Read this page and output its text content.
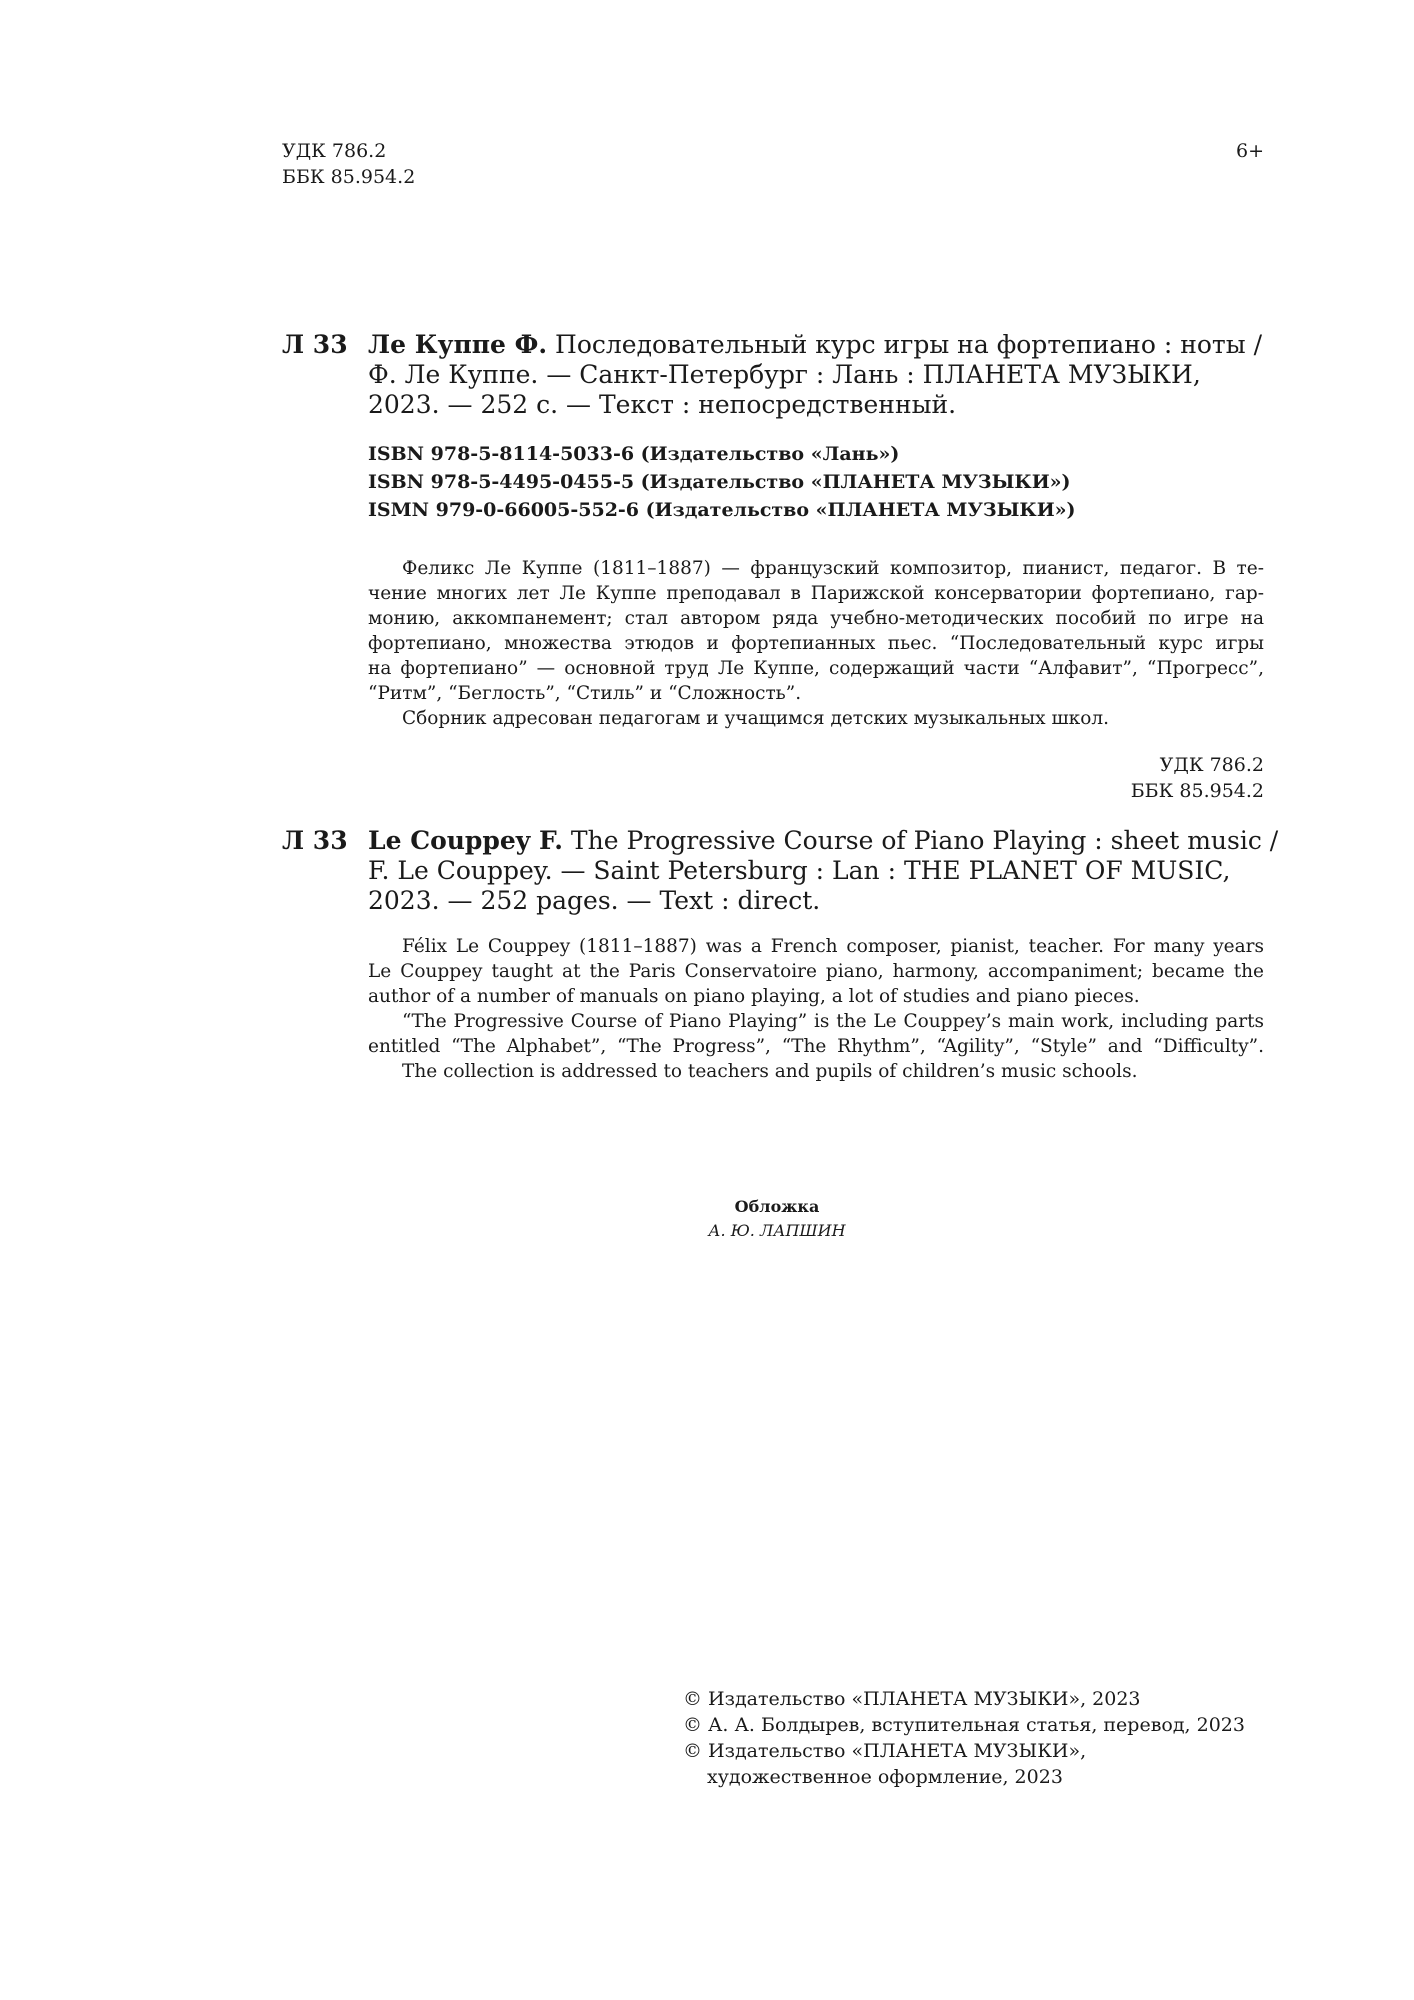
УДК 786.2
ББК 85.954.2
6+
Л 33 Ле Куппе Ф. Последовательный курс игры на фортепиано : ноты /
Ф. Ле Куппе. — Санкт-Петербург : Лань : ПЛАНЕТА МУЗЫКИ,
2023. — 252 с. — Текст : непосредственный.
ISBN 978-5-8114-5033-6 (Издательство «Лань»)
ISBN 978-5-4495-0455-5 (Издательство «ПЛАНЕТА МУЗЫКИ»)
ISMN 979-0-66005-552-6 (Издательство «ПЛАНЕТА МУЗЫКИ»)
Феликс Ле Куппе (1811–1887) — французский композитор, пианист, педагог. В те-
чение многих лет Ле Куппе преподавал в Парижской консерватории фортепиано, гар-
монию, аккомпанемент; стал автором ряда учебно-методических пособий по игре на
фортепиано, множества этюдов и фортепианных пьес. “Последовательный курс игры
на фортепиано” — основной труд Ле Куппе, содержащий части “Алфавит”, “Прогресс”,
“Ритм”, “Беглость”, “Стиль” и “Сложность”.
Сборник адресован педагогам и учащимся детских музыкальных школ.
УДК 786.2
ББК 85.954.2
Л 33 Le Couppey F. The Progressive Course of Piano Playing : sheet music /
F. Le Couppey. — Saint Petersburg : Lan : THE PLANET OF MUSIC,
2023. — 252 pages. — Text : direct.
Félix Le Couppey (1811–1887) was a French composer, pianist, teacher. For many years
Le Couppey taught at the Paris Conservatoire piano, harmony, accompaniment; became the
author of a number of manuals on piano playing, a lot of studies and piano pieces.
“The Progressive Course of Piano Playing” is the Le Couppey’s main work, including parts
entitled “The Alphabet”, “The Progress”, “The Rhythm”, “Agility”, “Style” and “Difficulty”.
The collection is addressed to teachers and pupils of children’s music schools.
Обложка
А. Ю. ЛАПШИН
© Издательство «ПЛАНЕТА МУЗЫКИ», 2023
© А. А. Болдырев, вступительная статья, перевод, 2023
© Издательство «ПЛАНЕТА МУЗЫКИ»,
художественное оформление, 2023
